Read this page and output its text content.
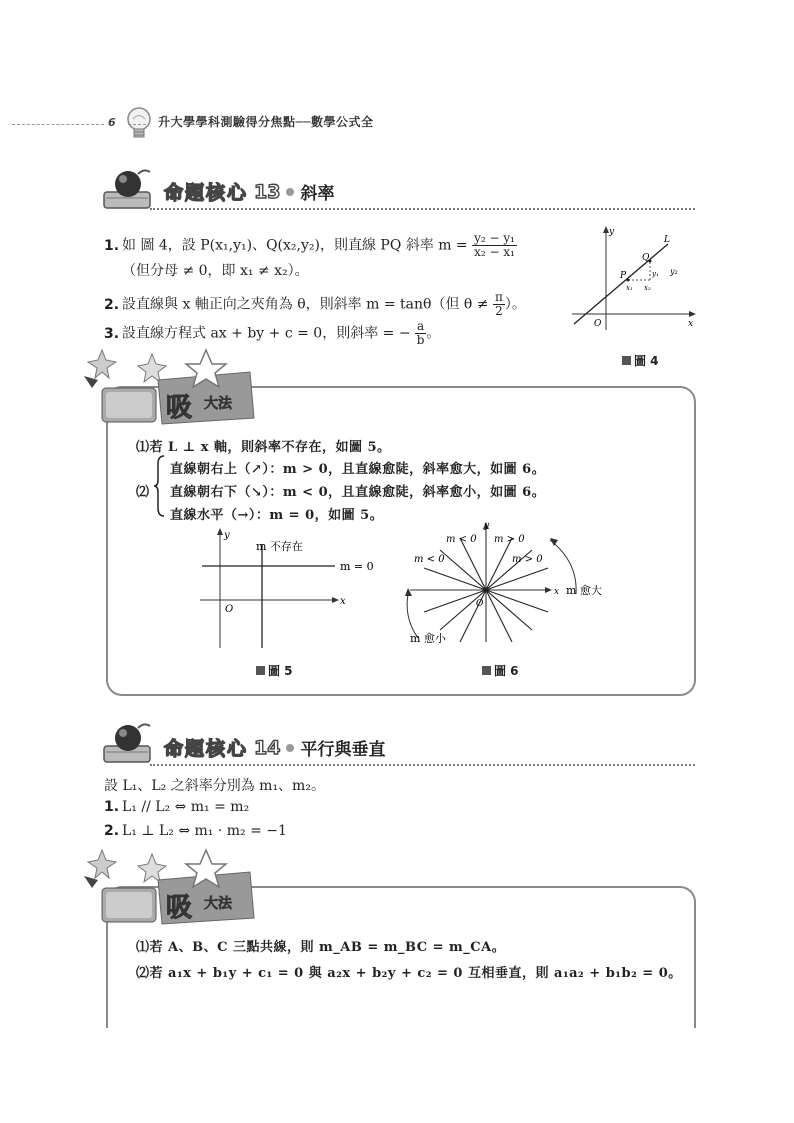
6	升大學學科測驗得分焦點──數學公式全
命題核心 13 斜率
1. 如 圖 4，設 P(x₁,y₁)、Q(x₂,y₂)，則直線 PQ 斜率 $m = \frac{\text{y₂ − y₁}}{\text{x₂ − x₁}}$
（但分母 ≠ 0，即 x₁ ≠ x₂）。
2. 設直線與 x 軸正向之夾角為 θ，則斜率 m = tanθ（但 $\theta \ne \frac{\pi}{2}$ ）。
3. 設直線方程式 ax + by + c = 0，則斜率 = − $\frac{a}{b}$ 。
y
x
O
L
P
Q
y₂
y₁
x₁ x₂
圖 4
吸 大法
⑴若 L ⊥ x 軸，則斜率不存在，如圖 5。
⑵
直線朝右上（↗）：m > 0，且直線愈陡，斜率愈大，如圖 6。
直線朝右下（↘）：m < 0，且直線愈陡，斜率愈小，如圖 6。
直線水平（→）：m = 0，如圖 5。
y
x
O
m 不存在
m = 0
圖 5
y
x
O
m < 0 m > 0
m < 0	m > 0
m 愈大
m 愈小
圖 6
命題核心 14 平行與垂直
設 L₁、L₂ 之斜率分別為 m₁、m₂。
1. L₁ // L₂ ⇔ m₁ = m₂
2. L₁ ⊥ L₂ ⇔ m₁ · m₂ = −1
吸 大法
⑴若 A、B、C 三點共線，則 m_AB = m_BC = m_CA。
⑵若 a₁x + b₁y + c₁ = 0 與 a₂x + b₂y + c₂ = 0 互相垂直，則 a₁a₂ + b₁b₂ = 0。
